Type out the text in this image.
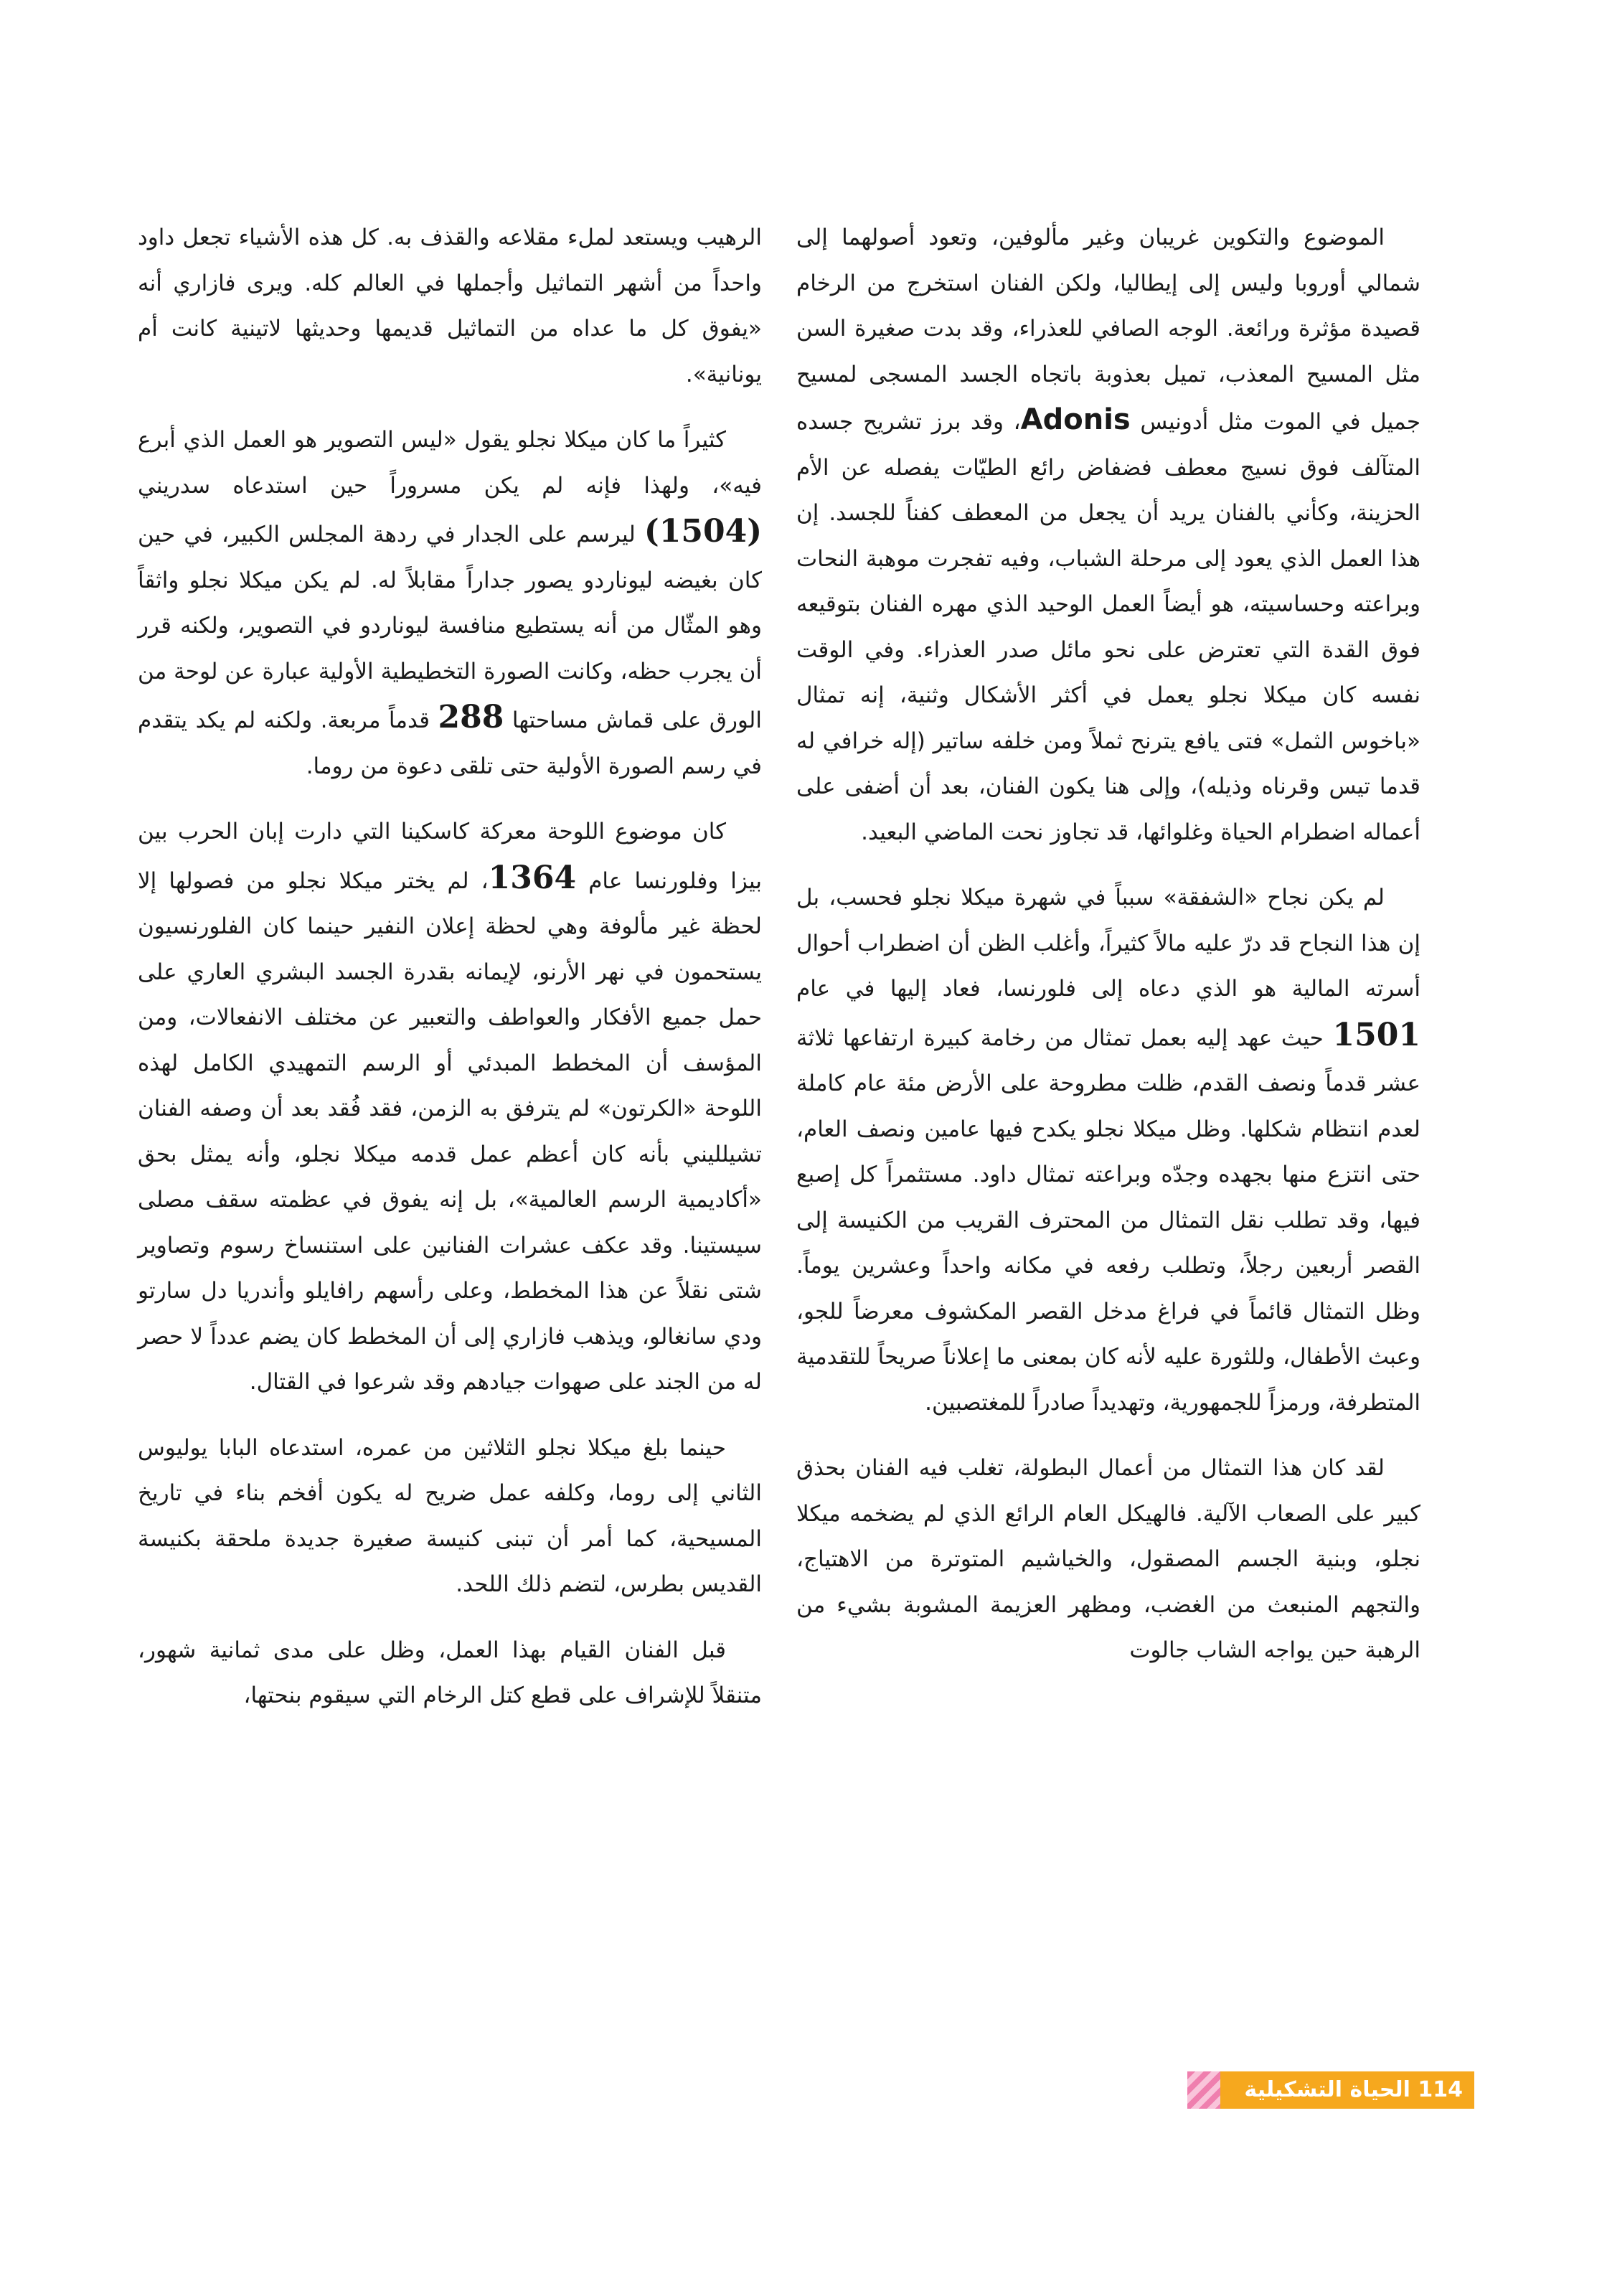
الموضوع والتكوين غريبان وغير مألوفين، وتعود أصولهما إلى شمالي أوروبا وليس إلى إيطاليا، ولكن الفنان استخرج من الرخام قصيدة مؤثرة ورائعة. الوجه الصافي للعذراء، وقد بدت صغيرة السن مثل المسيح المعذب، تميل بعذوبة باتجاه الجسد المسجى لمسيح جميل في الموت مثل أدونيس Adonis، وقد برز تشريح جسده المتآلف فوق نسيج معطف فضفاض رائع الطيّات يفصله عن الأم الحزينة، وكأني بالفنان يريد أن يجعل من المعطف كفناً للجسد. إن هذا العمل الذي يعود إلى مرحلة الشباب، وفيه تفجرت موهبة النحات وبراعته وحساسيته، هو أيضاً العمل الوحيد الذي مهره الفنان بتوقيعه فوق القدة التي تعترض على نحو مائل صدر العذراء. وفي الوقت نفسه كان ميكلا نجلو يعمل في أكثر الأشكال وثنية، إنه تمثال «باخوس الثمل» فتى يافع يترنح ثملاً ومن خلفه ساتير (إله خرافي له قدما تيس وقرناه وذيله)، وإلى هنا يكون الفنان، بعد أن أضفى على أعماله اضطرام الحياة وغلوائها، قد تجاوز نحت الماضي البعيد.

لم يكن نجاح «الشفقة» سبباً في شهرة ميكلا نجلو فحسب، بل إن هذا النجاح قد درّ عليه مالاً كثيراً، وأغلب الظن أن اضطراب أحوال أسرته المالية هو الذي دعاه إلى فلورنسا، فعاد إليها في عام 1501 حيث عهد إليه بعمل تمثال من رخامة كبيرة ارتفاعها ثلاثة عشر قدماً ونصف القدم، ظلت مطروحة على الأرض مئة عام كاملة لعدم انتظام شكلها. وظل ميكلا نجلو يكدح فيها عامين ونصف العام، حتى انتزع منها بجهده وجدّه وبراعته تمثال داود. مستثمراً كل إصبع فيها، وقد تطلب نقل التمثال من المحترف القريب من الكنيسة إلى القصر أربعين رجلاً، وتطلب رفعه في مكانه واحداً وعشرين يوماً. وظل التمثال قائماً في فراغ مدخل القصر المكشوف معرضاً للجو، وعبث الأطفال، وللثورة عليه لأنه كان بمعنى ما إعلاناً صريحاً للتقدمية المتطرفة، ورمزاً للجمهورية، وتهديداً صادراً للمغتصبين.

لقد كان هذا التمثال من أعمال البطولة، تغلب فيه الفنان بحذق كبير على الصعاب الآلية. فالهيكل العام الرائع الذي لم يضخمه ميكلا نجلو، وبنية الجسم المصقول، والخياشيم المتوترة من الاهتياج، والتجهم المنبعث من الغضب، ومظهر العزيمة المشوبة بشيء من الرهبة حين يواجه الشاب جالوت

الرهيب ويستعد لملء مقلاعه والقذف به. كل هذه الأشياء تجعل داود واحداً من أشهر التماثيل وأجملها في العالم كله. ويرى فازاري أنه «يفوق كل ما عداه من التماثيل قديمها وحديثها لاتينية كانت أم يونانية».

كثيراً ما كان ميكلا نجلو يقول «ليس التصوير هو العمل الذي أبرع فيه»، ولهذا فإنه لم يكن مسروراً حين استدعاه سدريني (1504) ليرسم على الجدار في ردهة المجلس الكبير، في حين كان بغيضه ليوناردو يصور جداراً مقابلاً له. لم يكن ميكلا نجلو واثقاً وهو المثّال من أنه يستطيع منافسة ليوناردو في التصوير، ولكنه قرر أن يجرب حظه، وكانت الصورة التخطيطية الأولية عبارة عن لوحة من الورق على قماش مساحتها 288 قدماً مربعة. ولكنه لم يكد يتقدم في رسم الصورة الأولية حتى تلقى دعوة من روما.

كان موضوع اللوحة معركة كاسكينا التي دارت إبان الحرب بين بيزا وفلورنسا عام 1364، لم يختر ميكلا نجلو من فصولها إلا لحظة غير مألوفة وهي لحظة إعلان النفير حينما كان الفلورنسيون يستحمون في نهر الأرنو، لإيمانه بقدرة الجسد البشري العاري على حمل جميع الأفكار والعواطف والتعبير عن مختلف الانفعالات، ومن المؤسف أن المخطط المبدئي أو الرسم التمهيدي الكامل لهذه اللوحة «الكرتون» لم يترفق به الزمن، فقد فُقد بعد أن وصفه الفنان تشيلليني بأنه كان أعظم عمل قدمه ميكلا نجلو، وأنه يمثل بحق «أكاديمية الرسم العالمية»، بل إنه يفوق في عظمته سقف مصلى سيستينا. وقد عكف عشرات الفنانين على استنساخ رسوم وتصاوير شتى نقلاً عن هذا المخطط، وعلى رأسهم رافايلو وأندريا دل سارتو ودي سانغالو، ويذهب فازاري إلى أن المخطط كان يضم عدداً لا حصر له من الجند على صهوات جيادهم وقد شرعوا في القتال.

حينما بلغ ميكلا نجلو الثلاثين من عمره، استدعاه البابا يوليوس الثاني إلى روما، وكلفه عمل ضريح له يكون أفخم بناء في تاريخ المسيحية، كما أمر أن تبنى كنيسة صغيرة جديدة ملحقة بكنيسة القديس بطرس، لتضم ذلك اللحد.

قبل الفنان القيام بهذا العمل، وظل على مدى ثمانية شهور، متنقلاً للإشراف على قطع كتل الرخام التي سيقوم بنحتها،

114 الحياة التشكيلية
